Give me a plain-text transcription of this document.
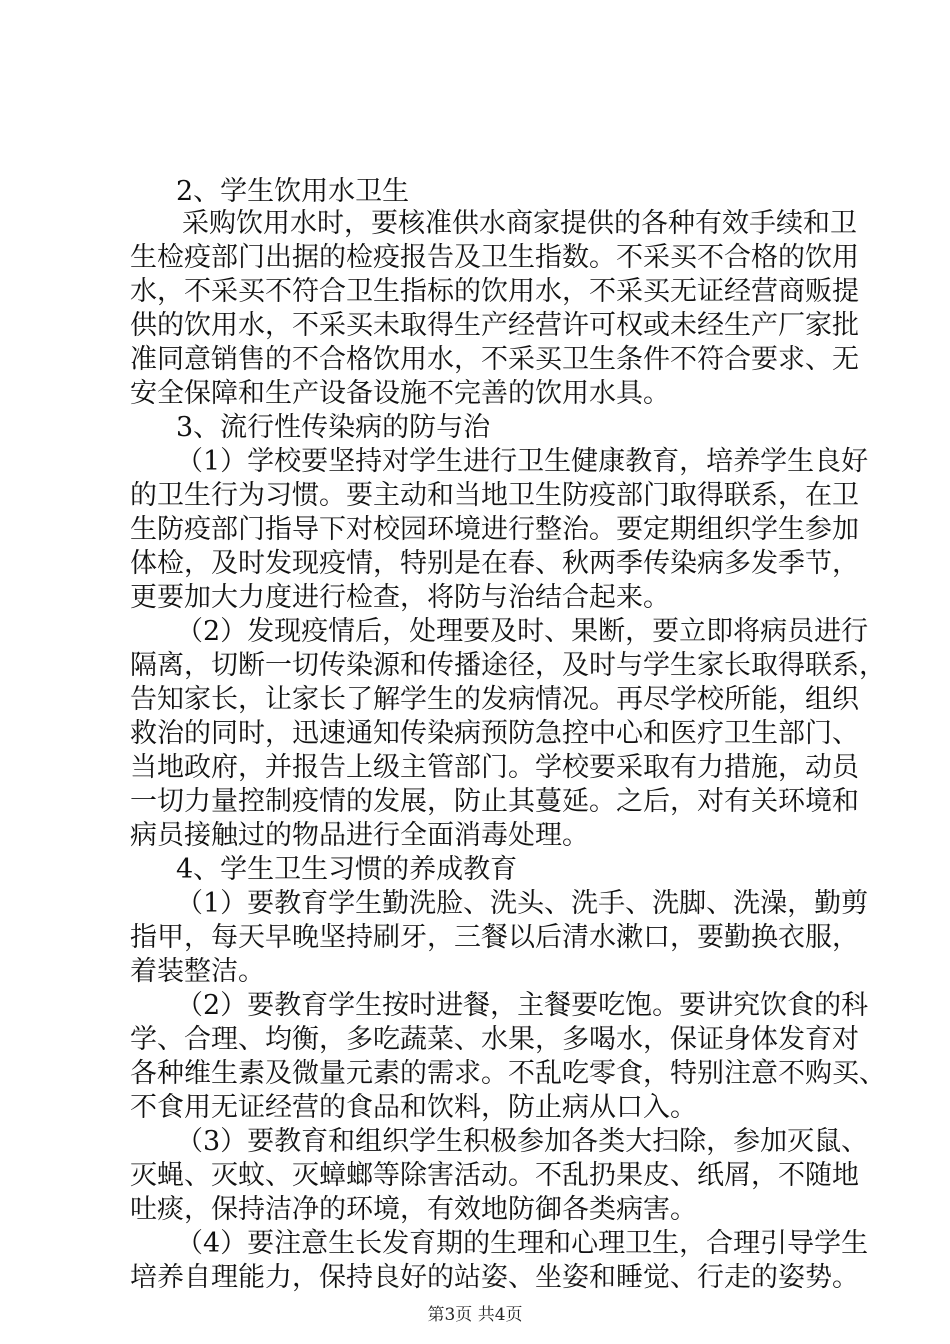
2、学生饮用水卫生
采购饮用水时，要核准供水商家提供的各种有效手续和卫
生检疫部门出据的检疫报告及卫生指数。不采买不合格的饮用
水，不采买不符合卫生指标的饮用水，不采买无证经营商贩提
供的饮用水，不采买未取得生产经营许可权或未经生产厂家批
准同意销售的不合格饮用水，不采买卫生条件不符合要求、无
安全保障和生产设备设施不完善的饮用水具。
3、流行性传染病的防与治
（1）学校要坚持对学生进行卫生健康教育，培养学生良好
的卫生行为习惯。要主动和当地卫生防疫部门取得联系，在卫
生防疫部门指导下对校园环境进行整治。要定期组织学生参加
体检，及时发现疫情，特别是在春、秋两季传染病多发季节，
更要加大力度进行检查，将防与治结合起来。
（2）发现疫情后，处理要及时、果断，要立即将病员进行
隔离，切断一切传染源和传播途径，及时与学生家长取得联系，
告知家长，让家长了解学生的发病情况。再尽学校所能，组织
救治的同时，迅速通知传染病预防急控中心和医疗卫生部门、
当地政府，并报告上级主管部门。学校要采取有力措施，动员
一切力量控制疫情的发展，防止其蔓延。之后，对有关环境和
病员接触过的物品进行全面消毒处理。
4、学生卫生习惯的养成教育
（1）要教育学生勤洗脸、洗头、洗手、洗脚、洗澡，勤剪
指甲，每天早晚坚持刷牙，三餐以后清水漱口，要勤换衣服，
着装整洁。
（2）要教育学生按时进餐，主餐要吃饱。要讲究饮食的科
学、合理、均衡，多吃蔬菜、水果，多喝水，保证身体发育对
各种维生素及微量元素的需求。不乱吃零食，特别注意不购买、
不食用无证经营的食品和饮料，防止病从口入。
（3）要教育和组织学生积极参加各类大扫除，参加灭鼠、
灭蝇、灭蚊、灭蟑螂等除害活动。不乱扔果皮、纸屑，不随地
吐痰，保持洁净的环境，有效地防御各类病害。
（4）要注意生长发育期的生理和心理卫生，合理引导学生
培养自理能力，保持良好的站姿、坐姿和睡觉、行走的姿势。
第3页 共4页
